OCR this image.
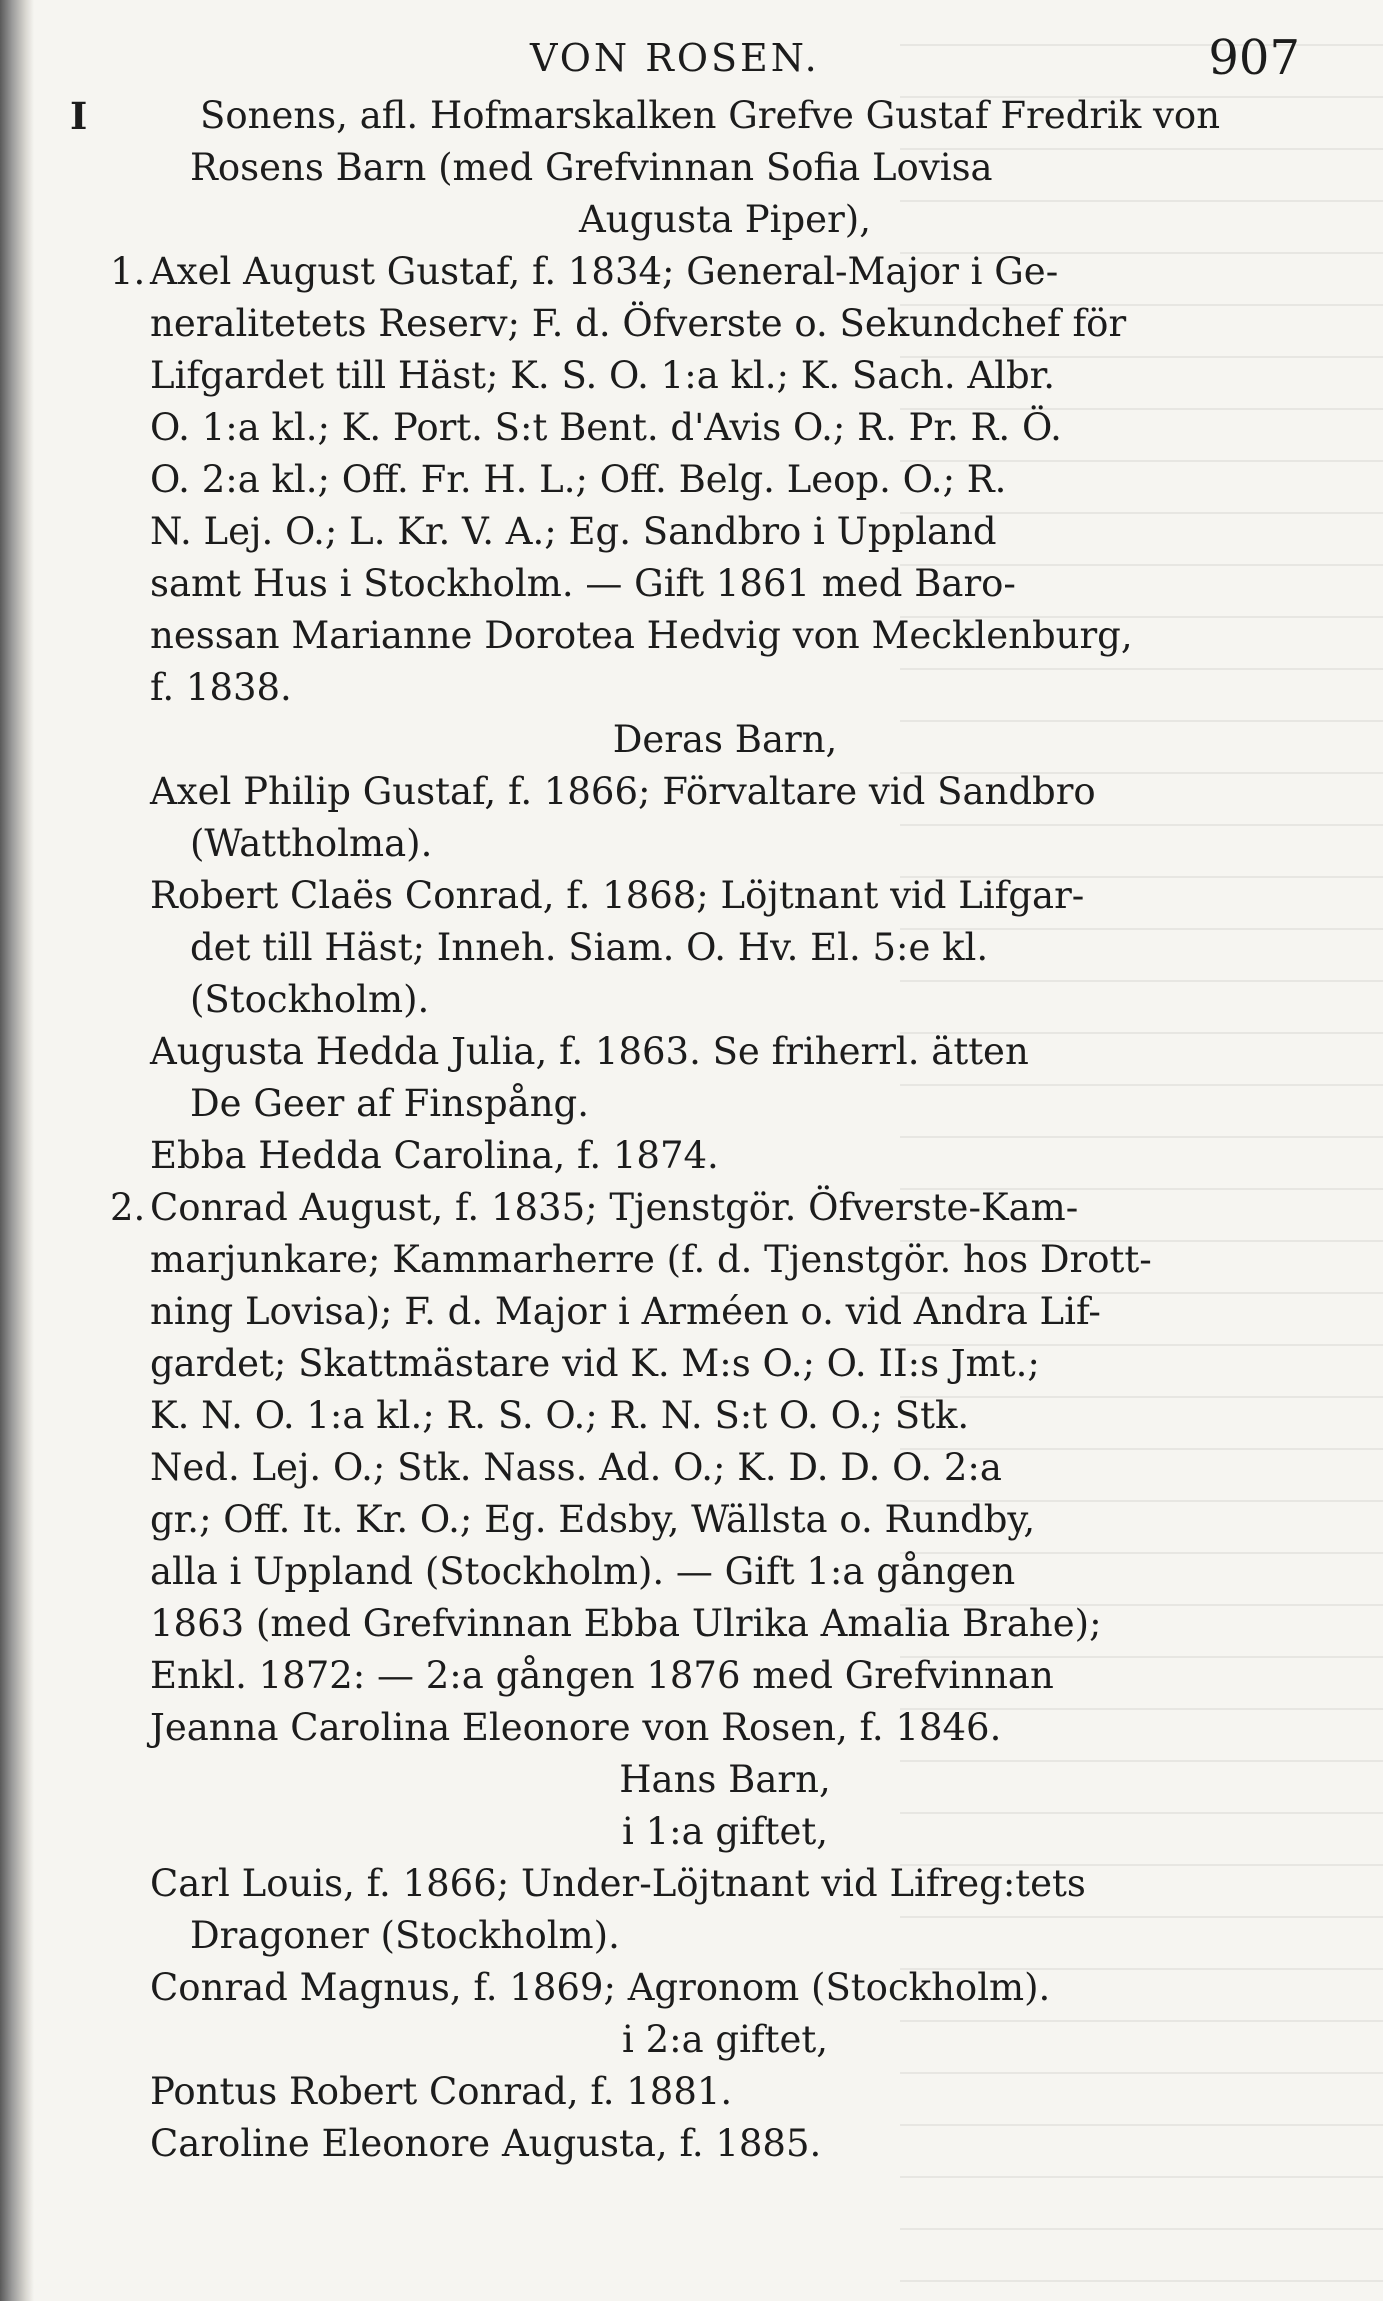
VON ROSEN.	907
I	Sonens, afl. Hofmarskalken Grefve Gustaf Fredrik von
Rosens Barn (med Grefvinnan Sofia Lovisa
Augusta Piper),
1. Axel August Gustaf, f. 1834; General-Major i Ge-
neralitetets Reserv; F. d. Öfverste o. Sekundchef för
Lifgardet till Häst; K. S. O. 1:a kl.; K. Sach. Albr.
O. 1:a kl.; K. Port. S:t Bent. d'Avis O.; R. Pr. R. Ö.
O. 2:a kl.; Off. Fr. H. L.; Off. Belg. Leop. O.; R.
N. Lej. O.; L. Kr. V. A.; Eg. Sandbro i Uppland
samt Hus i Stockholm. — Gift 1861 med Baro-
nessan Marianne Dorotea Hedvig von Mecklenburg,
f. 1838.
Deras Barn,
Axel Philip Gustaf, f. 1866; Förvaltare vid Sandbro
(Wattholma).
Robert Claës Conrad, f. 1868; Löjtnant vid Lifgar-
det till Häst; Inneh. Siam. O. Hv. El. 5:e kl.
(Stockholm).
Augusta Hedda Julia, f. 1863. Se friherrl. ätten
De Geer af Finspång.
Ebba Hedda Carolina, f. 1874.
2. Conrad August, f. 1835; Tjenstgör. Öfverste-Kam-
marjunkare; Kammarherre (f. d. Tjenstgör. hos Drott-
ning Lovisa); F. d. Major i Arméen o. vid Andra Lif-
gardet; Skattmästare vid K. M:s O.; O. II:s Jmt.;
K. N. O. 1:a kl.; R. S. O.; R. N. S:t O. O.; Stk.
Ned. Lej. O.; Stk. Nass. Ad. O.; K. D. D. O. 2:a
gr.; Off. It. Kr. O.; Eg. Edsby, Wällsta o. Rundby,
alla i Uppland (Stockholm). — Gift 1:a gången
1863 (med Grefvinnan Ebba Ulrika Amalia Brahe);
Enkl. 1872: — 2:a gången 1876 med Grefvinnan
Jeanna Carolina Eleonore von Rosen, f. 1846.
Hans Barn,
i 1:a giftet,
Carl Louis, f. 1866; Under-Löjtnant vid Lifreg:tets
Dragoner (Stockholm).
Conrad Magnus, f. 1869; Agronom (Stockholm).
i 2:a giftet,
Pontus Robert Conrad, f. 1881.
Caroline Eleonore Augusta, f. 1885.
